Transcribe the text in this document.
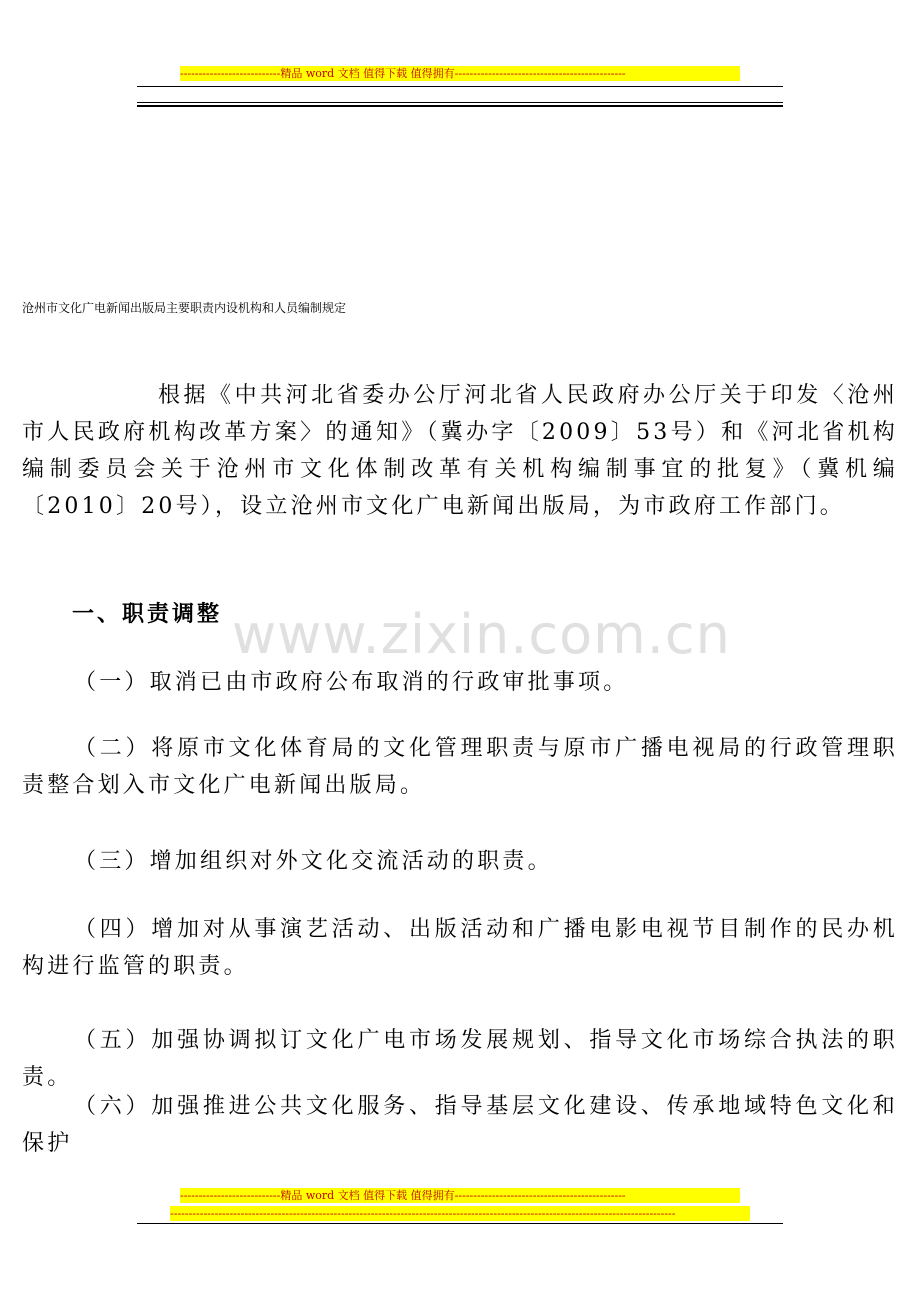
---------------------------精品 word 文档 值得下载 值得拥有----------------------------------------------
沧州市文化广电新闻出版局主要职责内设机构和人员编制规定

根据《中共河北省委办公厅河北省人民政府办公厅关于印发〈沧州市人民政府机构改革方案〉的通知》（冀办字〔2009〕53号）和《河北省机构编制委员会关于沧州市文化体制改革有关机构编制事宜的批复》（冀机编〔2010〕20号），设立沧州市文化广电新闻出版局，为市政府工作部门。

一、职责调整 www.zixin.com.cn

（一）取消已由市政府公布取消的行政审批事项。

（二）将原市文化体育局的文化管理职责与原市广播电视局的行政管理职责整合划入市文化广电新闻出版局。

（三）增加组织对外文化交流活动的职责。

（四）增加对从事演艺活动、出版活动和广播电影电视节目制作的民办机构进行监管的职责。

（五）加强协调拟订文化广电市场发展规划、指导文化市场综合执法的职责。

（六）加强推进公共文化服务、指导基层文化建设、传承地域特色文化和保护

---------------------------精品 word 文档 值得下载 值得拥有----------------------------------------------
----------------------------------------------------------------------------------------------------------------------------------------
